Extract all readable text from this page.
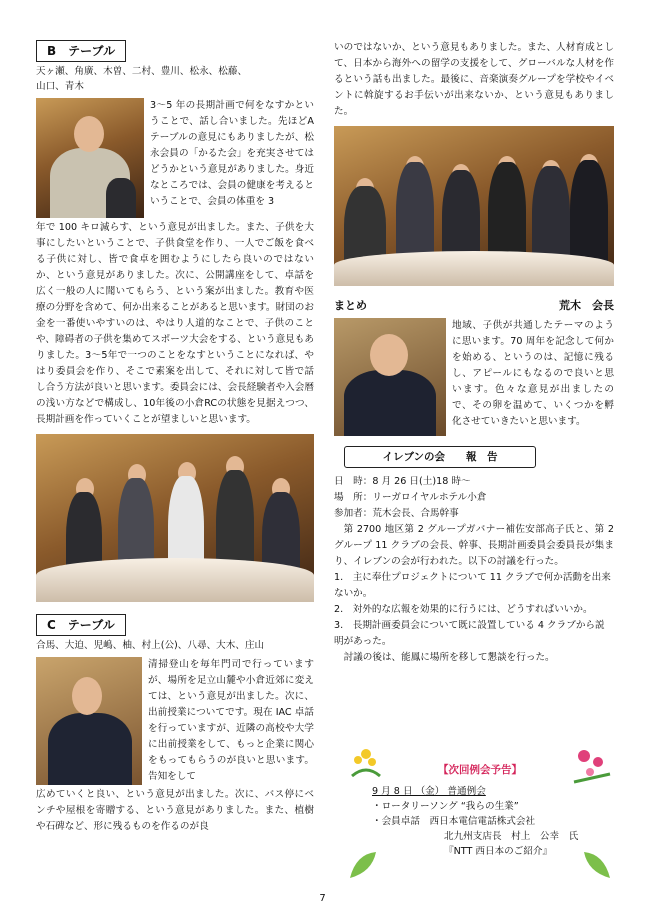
B　テーブル
天ヶ瀬、角廣、木曽、二村、豊川、松永、松藤、
山口、青木

3～5 年の長期計画で何をなすかということで、話し合いました。先ほどAテーブルの意見にもありましたが、松永会員の「かるた会」を充実させてはどうかという意見がありました。身近なところでは、会員の健康を考えるということで、会員の体重を 3

年で 100 キロ減らす、という意見が出ました。また、子供を大事にしたいということで、子供食堂を作り、一人でご飯を食べる子供に対し、皆で食卓を囲むようにしたら良いのではないか、という意見がありました。次に、公開講座をして、卓話を広く一般の人に聞いてもらう、という案が出ました。教育や医療の分野を含めて、何か出来ることがあると思います。財団のお金を一番使いやすいのは、やはり人道的なことで、子供のことや、障碍者の子供を集めてスポーツ大会をする、という意見もありました。3～5年で一つのことをなすということになれば、やはり委員会を作り、そこで素案を出して、それに対して皆で話し合う方法が良いと思います。委員会には、会長経験者や入会暦の浅い方などで構成し、10年後の小倉RCの状態を見据えつつ、長期計画を作っていくことが望ましいと思います。

C　テーブル
合馬、大迫、児嶋、柚、村上(公)、八尋、大木、庄山

清掃登山を毎年門司で行っていますが、場所を足立山麓や小倉近郊に変えては、という意見が出ました。次に、出前授業についてです。現在 IAC 卓話を行っていますが、近隣の高校や大学に出前授業をして、もっと企業に関心をもってもらうのが良いと思います。告知をして

広めていくと良い、という意見が出ました。次に、バス停にベンチや屋根を寄贈する、という意見がありました。また、植樹や石碑など、形に残るものを作るのが良

いのではないか、という意見もありました。また、人材育成として、日本から海外への留学の支援をして、グローバルな人材を作るという話も出ました。最後に、音楽演奏グループを学校やイベントに斡旋するお手伝いが出来ないか、という意見もありました。

まとめ	荒木　会長

地域、子供が共通したテーマのように思います。70 周年を記念して何かを始める、というのは、記憶に残るし、アピールにもなるので良いと思います。色々な意見が出ましたので、その卵を温めて、いくつかを孵化させていきたいと思います。

イレブンの会　　報　告
日　時：8 月 26 日(土)18 時～
場　所：リーガロイヤルホテル小倉
参加者：荒木会長、合馬幹事

第 2700 地区第 2 グループガバナー補佐安部高子氏と、第 2 グループ 11 クラブの会長、幹事、長期計画委員会委員長が集まり、イレブンの会が行われた。以下の討議を行った。

1.　主に奉仕プロジェクトについて 11 クラブで何か活動を出来ないか。
2.　対外的な広報を効果的に行うには、どうすればいいか。
3.　長期計画委員会について既に設置している 4 クラブから説明があった。
討議の後は、能鳳に場所を移して懇談を行った。
【次回例会予告】
9 月 8 日 （金） 普通例会
・ロータリーソング “我らの生業”
・会員卓話　西日本電信電話株式会社
北九州支店長　村上　公幸　氏
『NTT 西日本のご紹介』
7
